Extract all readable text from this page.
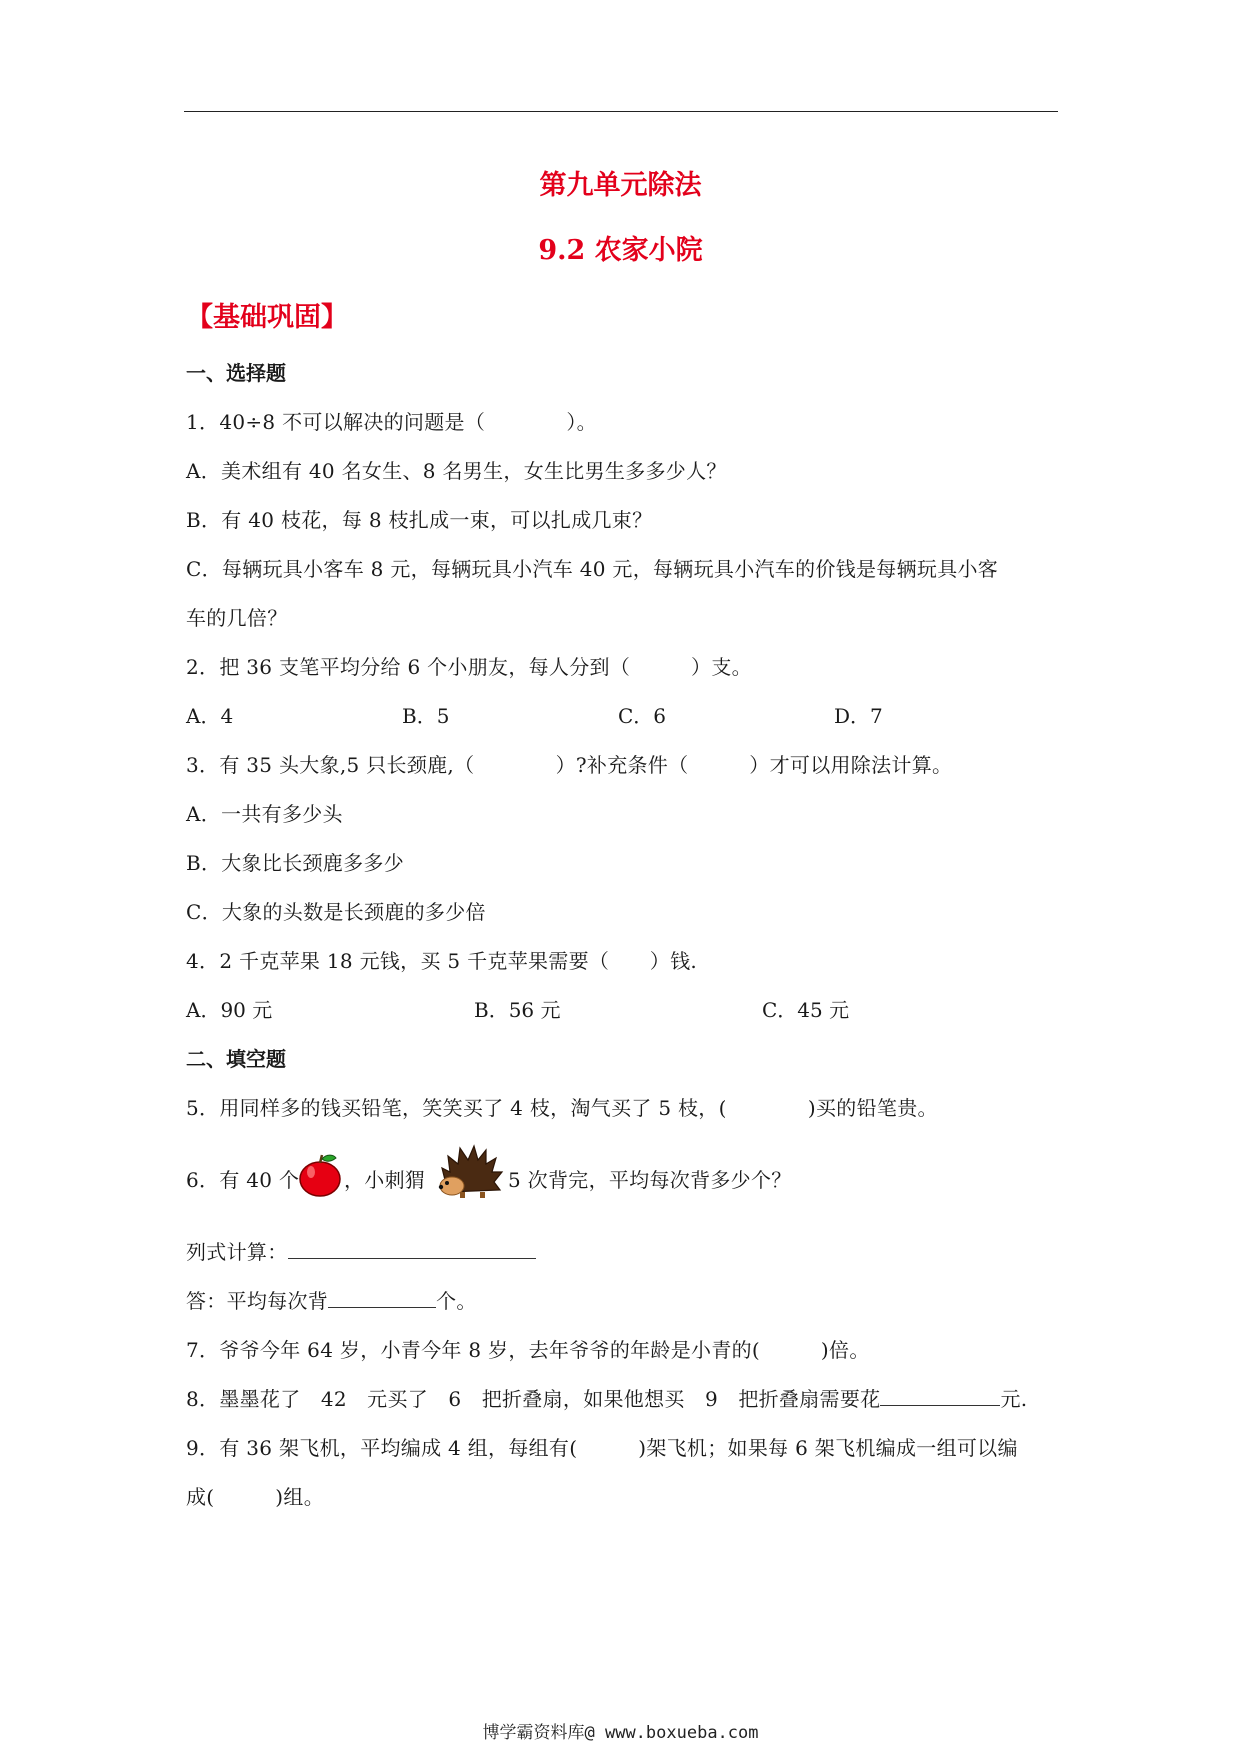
第九单元除法
9.2 农家小院
【基础巩固】
一、选择题
1．40÷8 不可以解决的问题是（　　　　）。
A．美术组有 40 名女生、8 名男生，女生比男生多多少人？
B．有 40 枝花，每 8 枝扎成一束，可以扎成几束？
C．每辆玩具小客车 8 元，每辆玩具小汽车 40 元，每辆玩具小汽车的价钱是每辆玩具小客
车的几倍？
2．把 36 支笔平均分给 6 个小朋友，每人分到（　　　）支。
A．4	B．5	C．6	D．7
3．有 35 头大象,5 只长颈鹿,（　　　　）?补充条件（　　　）才可以用除法计算。
A．一共有多少头
B．大象比长颈鹿多多少
C．大象的头数是长颈鹿的多少倍
4．2 千克苹果 18 元钱，买 5 千克苹果需要（　　）钱.
A．90 元	B．56 元	C．45 元
二、填空题
5．用同样多的钱买铅笔，笑笑买了 4 枝，淘气买了 5 枝，(　　　　)买的铅笔贵。
6．有 40 个 ，小刺猬	5 次背完，平均每次背多少个？
列式计算：
答：平均每次背	个。
7．爷爷今年 64 岁，小青今年 8 岁，去年爷爷的年龄是小青的(　　　)倍。
8．墨墨花了　42　元买了　6　把折叠扇，如果他想买　9　把折叠扇需要花	元.
9．有 36 架飞机，平均编成 4 组，每组有(　　　)架飞机；如果每 6 架飞机编成一组可以编
成(　　　)组。
博学霸资料库@ www.boxueba.com
